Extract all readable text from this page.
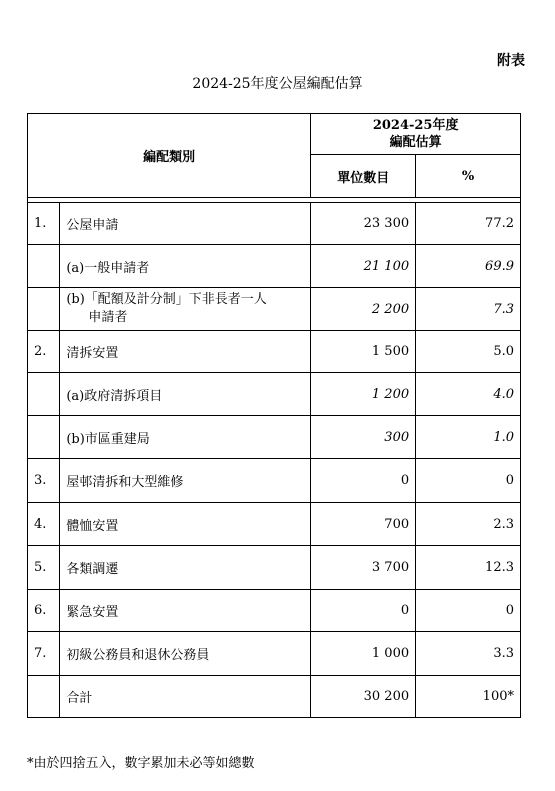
附表
2024-25年度公屋編配估算
編配類別		2024-25年度
編配估算	

		單位數目	%

1.	公屋申請	23 300	77.2
	(a)一般申請者	21 100	69.9

	(b)「配額及計分制」下非長者一人
申請者	2 200	7.3
2.	清拆安置	1 500	5.0
	(a)政府清拆項目	1 200	4.0
	(b)市區重建局	300	1.0
3.	屋邨清拆和大型維修	0	0
4.	體恤安置	700	2.3
5.	各類調遷	3 700	12.3
6.	緊急安置	0	0
7.	初級公務員和退休公務員	1 000	3.3
	合計	30 200	100*
*由於四捨五入，數字累加未必等如總數
